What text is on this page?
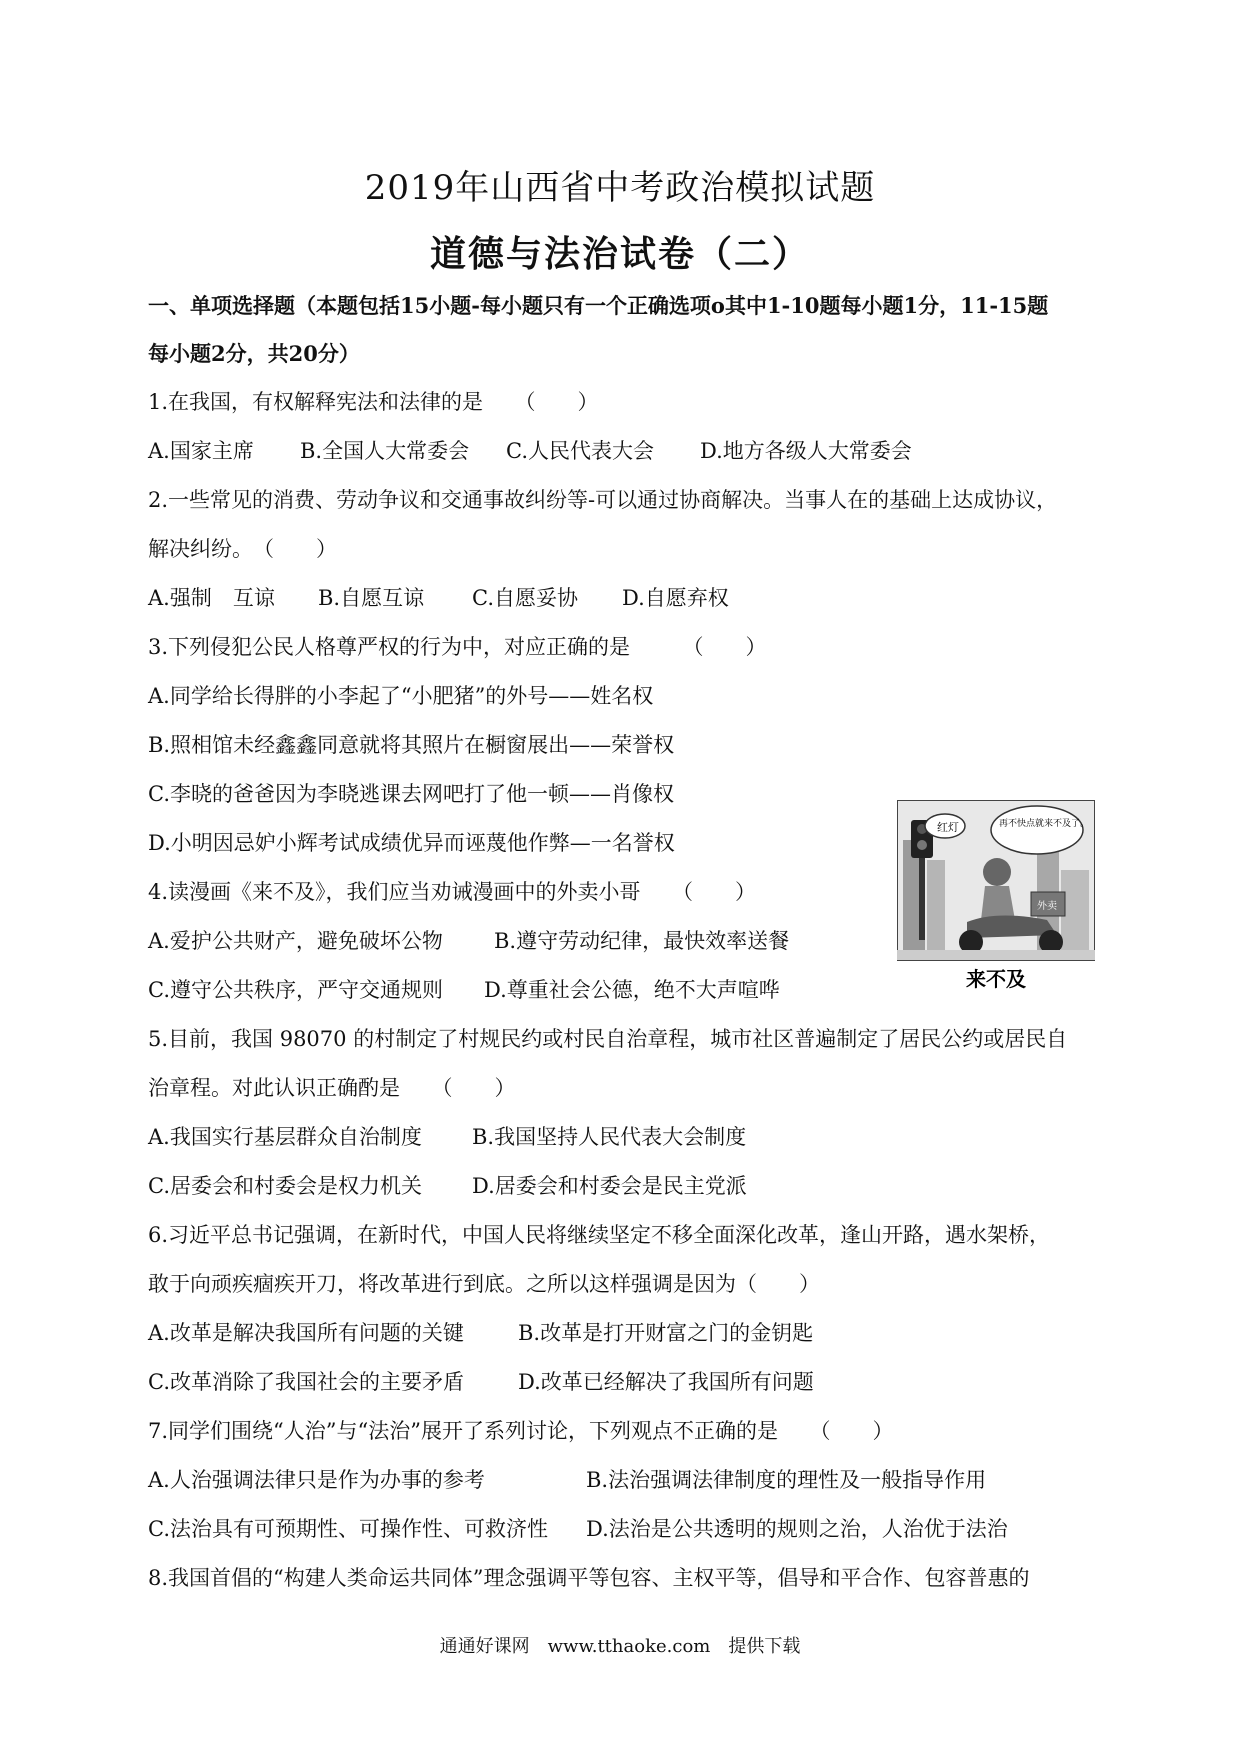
2019年山西省中考政治模拟试题
道德与法治试卷（二）
一、单项选择题（本题包括15小题-每小题只有一个正确选项o其中1-10题每小题1分，11-15题
每小题2分，共20分）
1.在我国，有权解释宪法和法律的是　　（　　）
A.国家主席 B.全国人大常委会 C.人民代表大会 D.地方各级人大常委会
2.一些常见的消费、劳动争议和交通事故纠纷等-可以通过协商解决。当事人在的基础上达成协议，
解决纠纷。　（　　）
A.强制　互谅 B.自愿互谅 C.自愿妥协 D.自愿弃权
3.下列侵犯公民人格尊严权的行为中，对应正确的是　　　（　　）
A.同学给长得胖的小李起了“小肥猪”的外号——姓名权
B.照相馆未经鑫鑫同意就将其照片在橱窗展出——荣誉权
C.李晓的爸爸因为李晓逃课去网吧打了他一顿——肖像权
D.小明因忌妒小辉考试成绩优异而诬蔑他作弊—一名誉权
4.读漫画《来不及》，我们应当劝诫漫画中的外卖小哥　　（　　）
A.爱护公共财产，避免破坏公物 B.遵守劳动纪律，最快效率送餐
C.遵守公共秩序，严守交通规则 D.尊重社会公德，绝不大声喧哗
红灯	再不快点就来不及了。
外卖
来不及
5.目前，我国 98070 的村制定了村规民约或村民自治章程，城市社区普遍制定了居民公约或居民自
治章程。对此认识正确酌是　　（　　）
A.我国实行基层群众自治制度 B.我国坚持人民代表大会制度
C.居委会和村委会是权力机关 D.居委会和村委会是民主党派
6.习近平总书记强调，在新时代，中国人民将继续坚定不移全面深化改革，逢山开路，遇水架桥，
敢于向顽疾痼疾开刀，将改革进行到底。之所以这样强调是因为（　　）
A.改革是解决我国所有问题的关键	B.改革是打开财富之门的金钥匙
C.改革消除了我国社会的主要矛盾	D.改革已经解决了我国所有问题
7.同学们围绕“人治”与“法治”展开了系列讨论，下列观点不正确的是　　（　　）
A.人治强调法律只是作为办事的参考	B.法治强调法律制度的理性及一般指导作用
C.法治具有可预期性、可操作性、可救济性 D.法治是公共透明的规则之治，人治优于法治
8.我国首倡的“构建人类命运共同体”理念强调平等包容、主权平等，倡导和平合作、包容普惠的
通通好课网　www.tthaoke.com　提供下载
